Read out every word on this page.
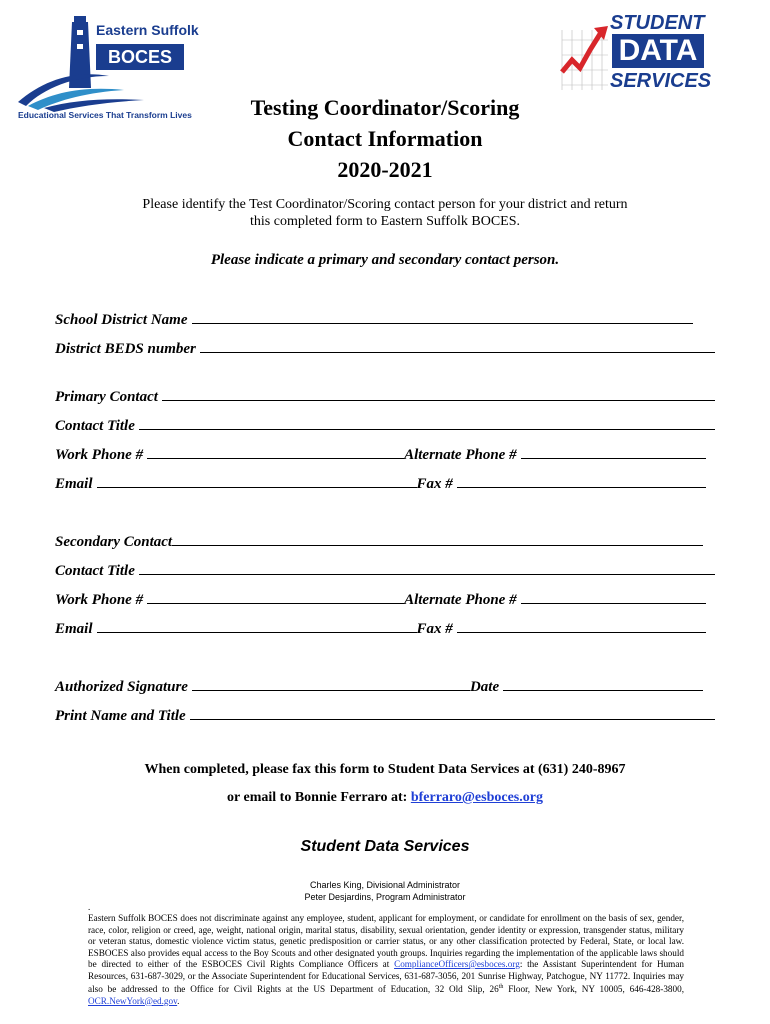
Eastern Suffolk
BOCES
Educational Services That Transform Lives
STUDENT
DATA
SERVICES
Testing Coordinator/Scoring
Contact Information
2020-2021
Please identify the Test Coordinator/Scoring contact person for your district and return
this completed form to Eastern Suffolk BOCES.
Please indicate a primary and secondary contact person.
School District Name
District BEDS number
Primary Contact
Contact Title
Work Phone #	Alternate Phone #
Email	Fax #
Secondary Contact
Contact Title
Work Phone #	Alternate Phone #
Email	Fax #
Authorized Signature	Date
Print Name and Title
When completed, please fax this form to Student Data Services at (631) 240-8967
or email to Bonnie Ferraro at: bferraro@esboces.org
Student Data Services
Charles King, Divisional Administrator
Peter Desjardins, Program Administrator
.
Eastern Suffolk BOCES does not discriminate against any employee, student, applicant for employment, or candidate for enrollment on the basis of sex, gender, race, color, religion or creed, age, weight, national origin, marital status, disability, sexual orientation, gender identity or expression, transgender status, military or veteran status, domestic violence victim status, genetic predisposition or carrier status, or any other classification protected by Federal, State, or local law. ESBOCES also provides equal access to the Boy Scouts and other designated youth groups. Inquiries regarding the implementation of the applicable laws should be directed to either of the ESBOCES Civil Rights Compliance Officers at ComplianceOfficers@esboces.org: the Assistant Superintendent for Human Resources, 631-687-3029, or the Associate Superintendent for Educational Services, 631-687-3056, 201 Sunrise Highway, Patchogue, NY 11772. Inquiries may also be addressed to the Office for Civil Rights at the US Department of Education, 32 Old Slip, 26th Floor, New York, NY 10005, 646-428-3800, OCR.NewYork@ed.gov.
